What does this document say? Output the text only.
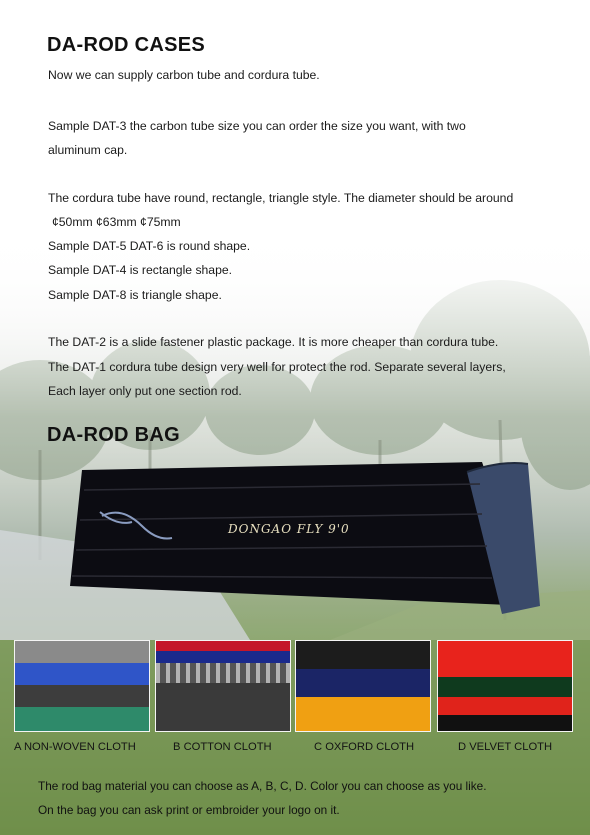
DA-ROD CASES
Now we can supply carbon tube and cordura tube.
Sample DAT-3 the carbon tube size you can order the size you want, with two
aluminum cap.
The cordura tube have round, rectangle, triangle style. The diameter should be around
¢50mm ¢63mm ¢75mm
Sample DAT-5 DAT-6 is round shape.
Sample DAT-4 is rectangle shape.
Sample DAT-8 is triangle shape.
The DAT-2 is a slide fastener plastic package. It is more cheaper than cordura tube.
The DAT-1 cordura tube design very well for protect the rod. Separate several layers,
Each layer only put one section rod.
DA-ROD BAG
DONGAO FLY 9'0
A NON-WOVEN CLOTH	B COTTON CLOTH	C OXFORD CLOTH	D VELVET CLOTH
The rod bag material you can choose as A, B, C, D. Color you can choose as you like.
On the bag you can ask print or embroider your logo on it.
